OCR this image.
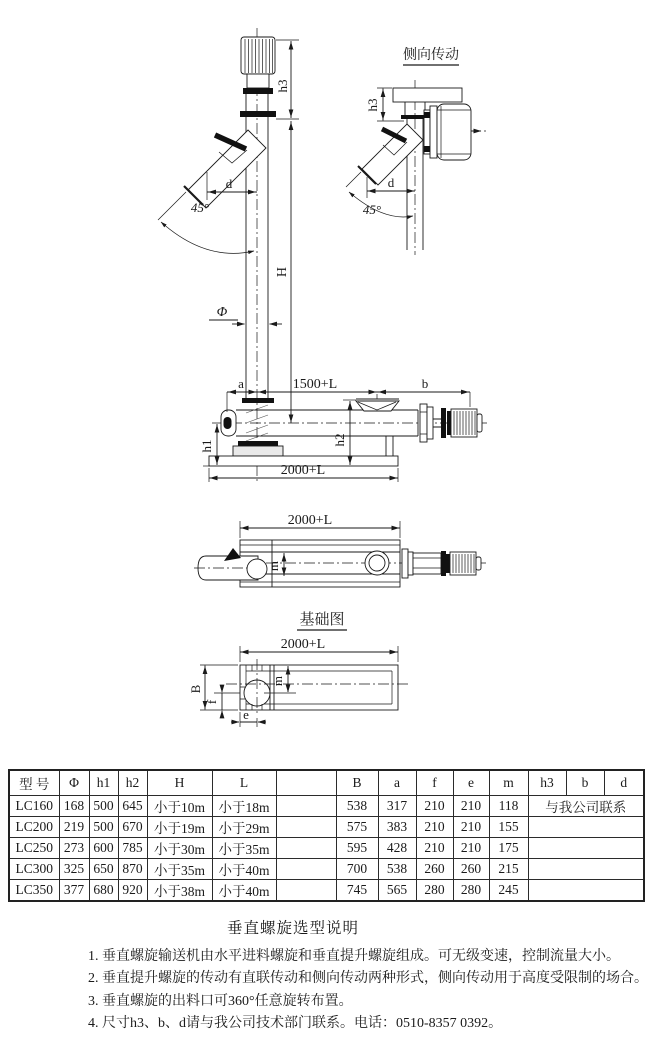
45°
d
h3
H
Φ
a	1500+L	b
h1	h2
2000+L
侧向传动
45°
d
h3
2000+L
m
基础图
2000+L
B
f
m
e
型 号	Φ	h1	h2	H	L		B	a	f	e	m	h3	b	d
LC160	168	500	645	小于10m	小于18m		538	317	210	210	118	与我公司联系		
LC200	219	500	670	小于19m	小于29m		575	383	210	210	155			
LC250	273	600	785	小于30m	小于35m		595	428	210	210	175			
LC300	325	650	870	小于35m	小于40m		700	538	260	260	215			
LC350	377	680	920	小于38m	小于40m		745	565	280	280	245			
垂直螺旋选型说明
1. 垂直螺旋输送机由水平进料螺旋和垂直提升螺旋组成。可无级变速，控制流量大小。
2. 垂直提升螺旋的传动有直联传动和侧向传动两种形式，侧向传动用于高度受限制的场合。
3. 垂直螺旋的出料口可360°任意旋转布置。
4. 尺寸h3、b、d请与我公司技术部门联系。电话：0510-8357 0392。
